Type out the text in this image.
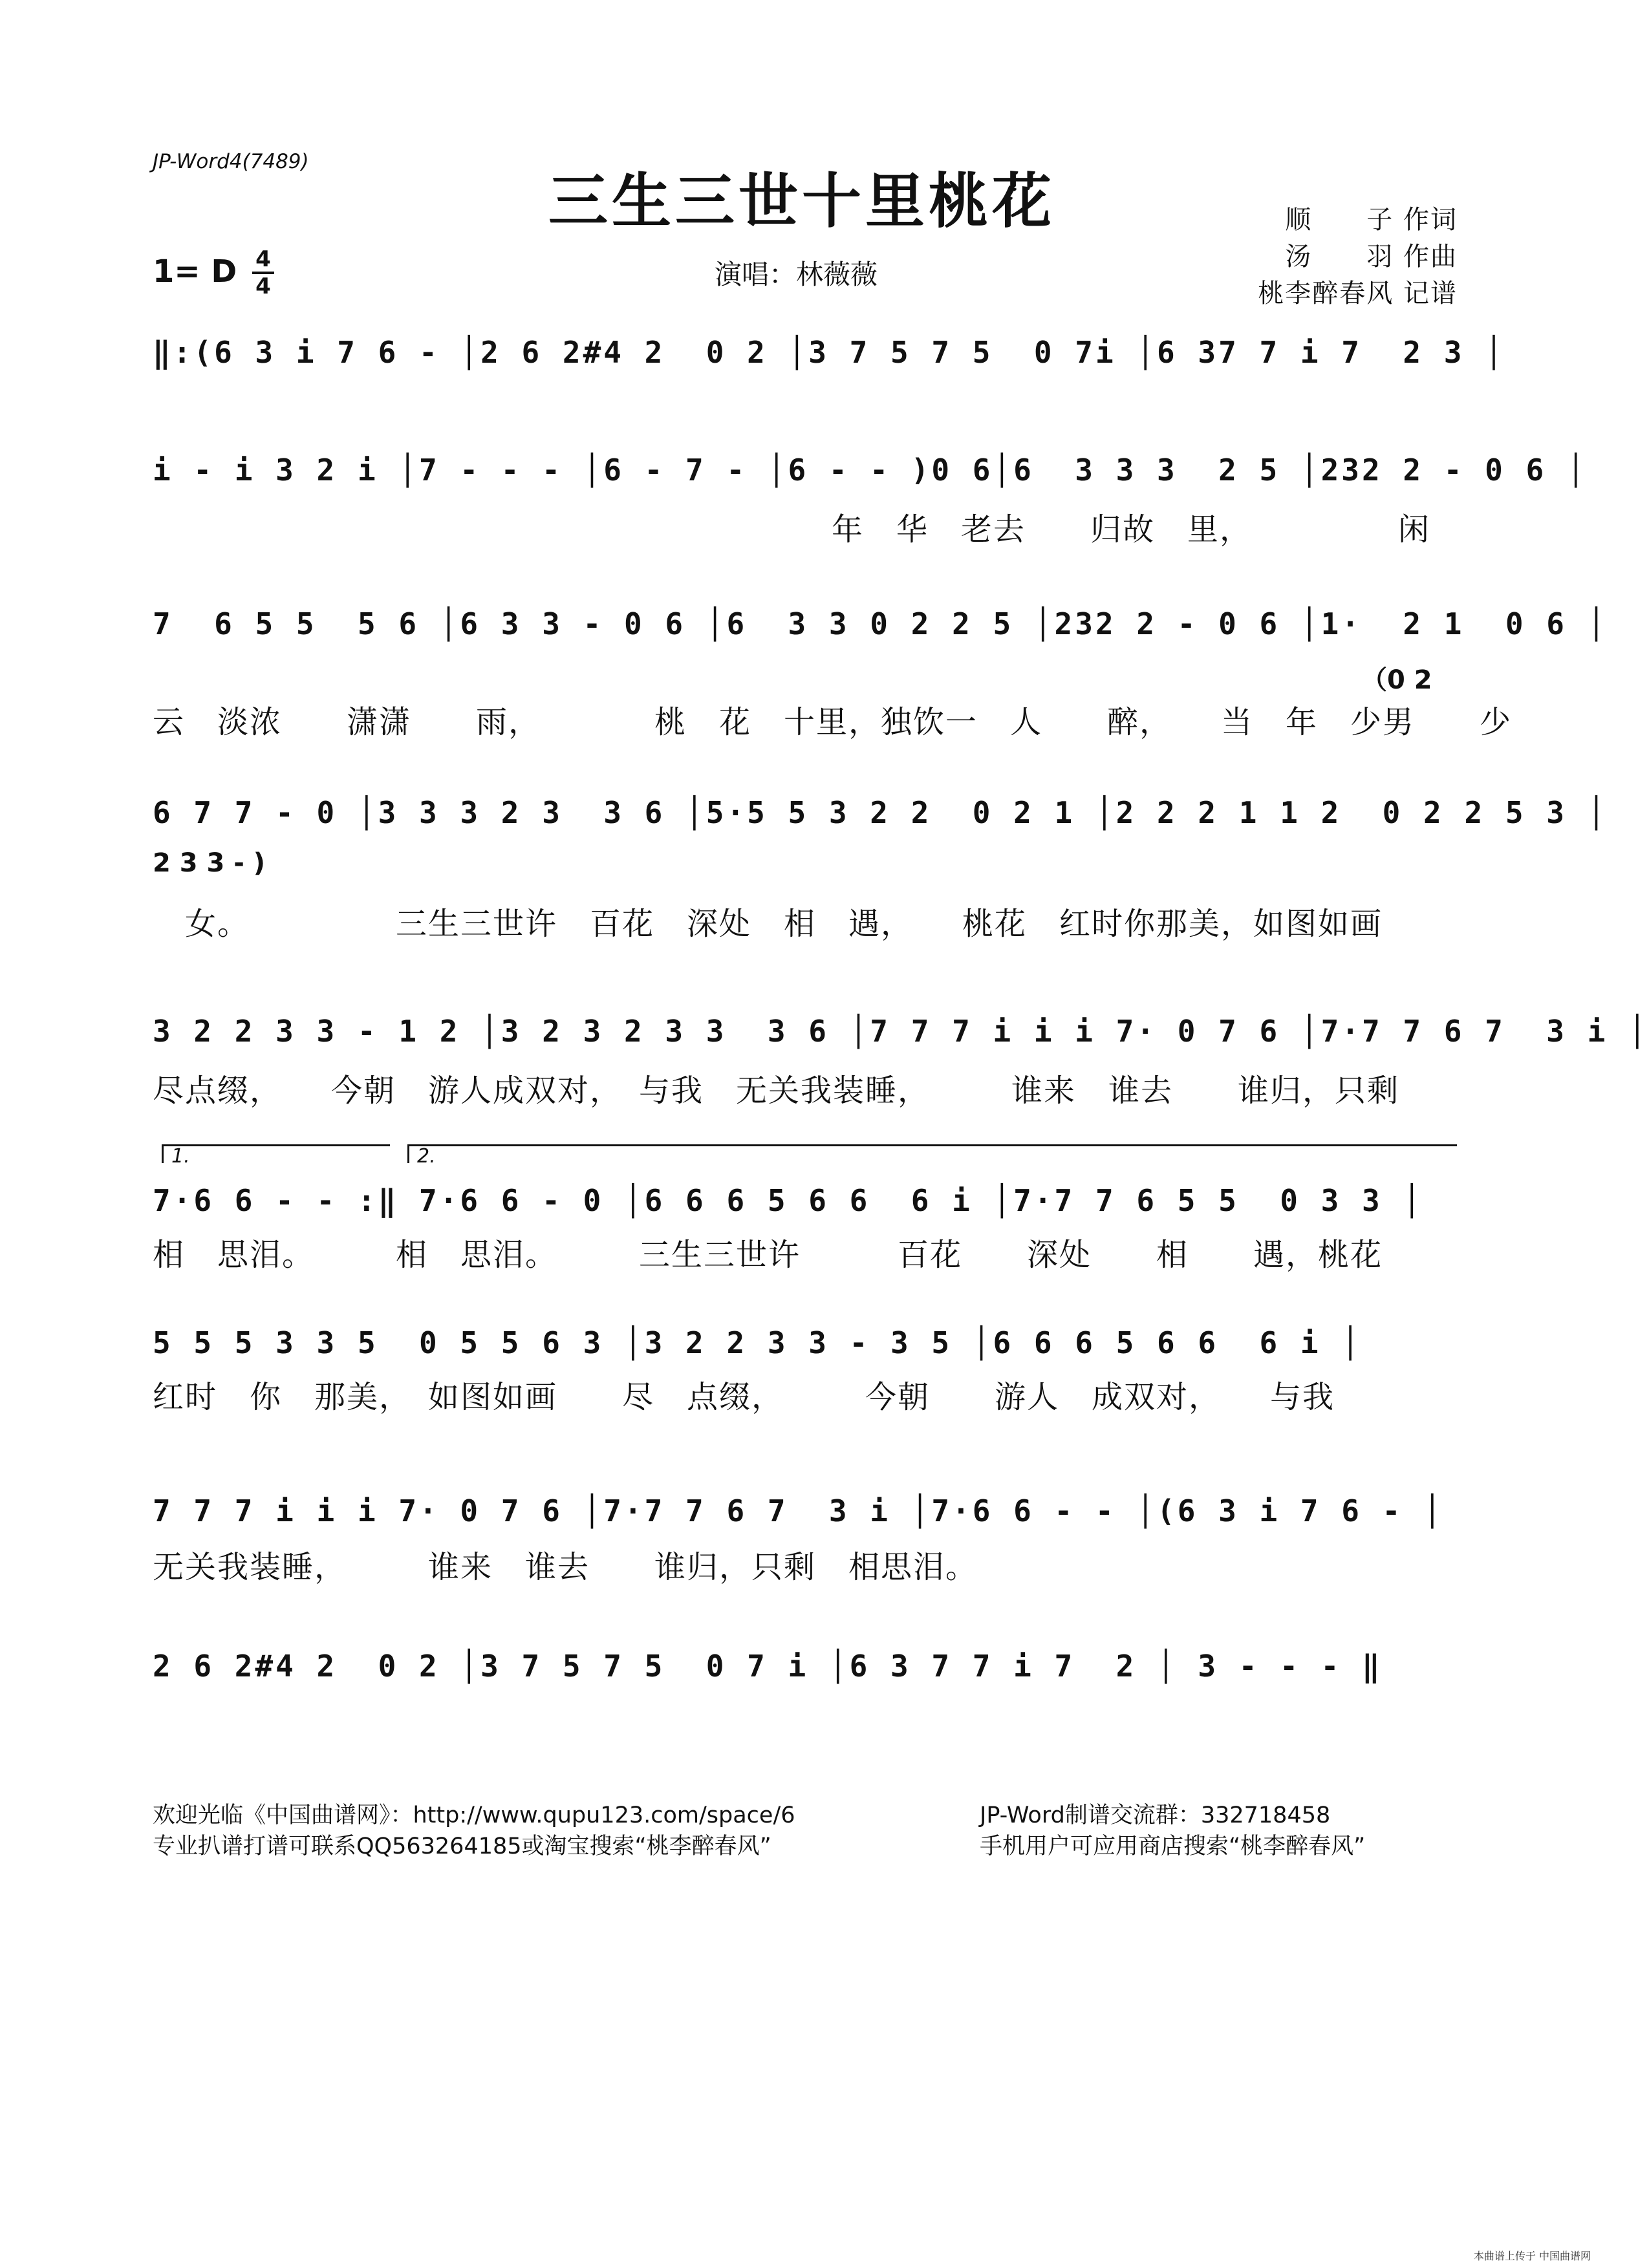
JP-Word4(7489)
三生三世十里桃花	顺　　子 作词
汤　　羽 作曲
桃李醉春风 记谱
1= D 4
4	演唱：林薇薇
‖:(6 3 i 7 6 - │2 6 2#4 2  0 2 │3 7 5 7 5  0 7i │6 37 7 i 7  2 3 │
i - i 3 2 i │7 - - - │6 - 7 - │6 - - )0 6│6  3 3 3  2 5 │232 2 - 0 6 │
　　　　　　　　　　　　　　　　　　　　　年　华　老去　　归故　里，　　　　　闲
7  6 5 5  5 6 │6 3 3 - 0 6 │6  3 3 0 2 2 5 │232 2 - 0 6 │1·  2 1  0 6 │
（0 2
云　淡浓　　潇潇　　雨，　　　　桃　花　十里，独饮一　人　　醉，　　当　年　少男　　少
6 7 7 - 0 │3 3 3 2 3  3 6 │5·5 5 3 2 2  0 2 1 │2 2 2 1 1 2  0 2 2 5 3 │
2 3 3 - )
　女。　　　　　三生三世许　百花　深处　相　遇，　　桃花　红时你那美，如图如画
3 2 2 3 3 - 1 2 │3 2 3 2 3 3  3 6 │7 7 7 i i i 7· 0 7 6 │7·7 7 6 7  3 i │
尽点缀，　　今朝　游人成双对，　与我　无关我装睡，　　　谁来　谁去　　谁归，只剩
1.	2.
7·6 6 - - :‖ 7·6 6 - 0 │6 6 6 5 6 6  6 i │7·7 7 6 5 5  0 3 3 │
相　思泪。　　　相　思泪。　　　三生三世许　　　百花　　深处　　相　　遇，桃花
5 5 5 3 3 5  0 5 5 6 3 │3 2 2 3 3 - 3 5 │6 6 6 5 6 6  6 i │
红时　你　那美，　如图如画　　尽　点缀，　　　今朝　　游人　成双对，　　与我
7 7 7 i i i 7· 0 7 6 │7·7 7 6 7  3 i │7·6 6 - - │(6 3 i 7 6 - │
无关我装睡，　　　谁来　谁去　　谁归，只剩　相思泪。
2 6 2#4 2  0 2 │3 7 5 7 5  0 7 i │6 3 7 7 i 7  2 │ 3 - - - ‖
欢迎光临《中国曲谱网》：http://www.qupu123.com/space/6
专业扒谱打谱可联系QQ563264185或淘宝搜索“桃李醉春风”
JP-Word制谱交流群：332718458
手机用户可应用商店搜索“桃李醉春风”
本曲谱上传于 中国曲谱网
